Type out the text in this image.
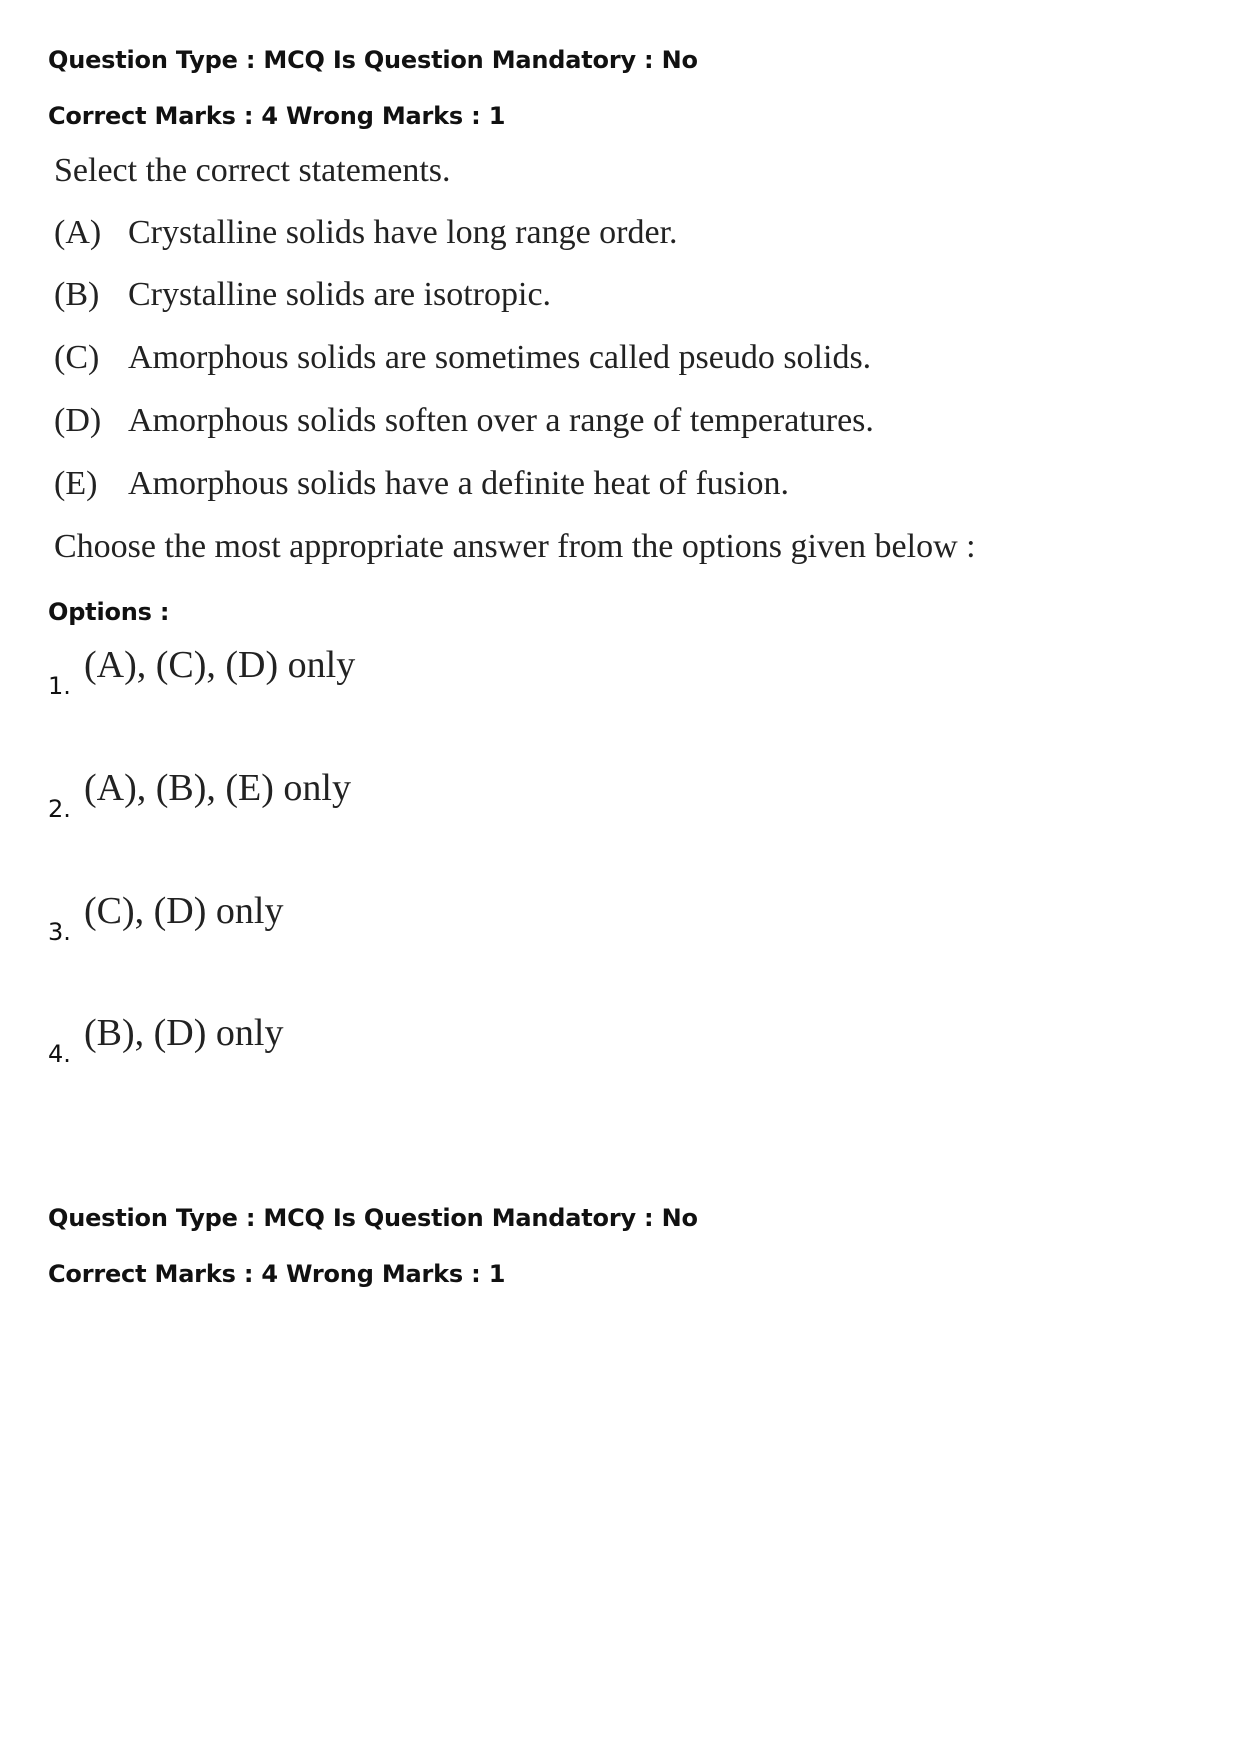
Question Type : MCQ Is Question Mandatory : No
Correct Marks : 4 Wrong Marks : 1
Select the correct statements.
(A) Crystalline solids have long range order.
(B) Crystalline solids are isotropic.
(C) Amorphous solids are sometimes called pseudo solids.
(D) Amorphous solids soften over a range of temperatures.
(E) Amorphous solids have a definite heat of fusion.
Choose the most appropriate answer from the options given below :
Options :
1. (A), (C), (D) only
2. (A), (B), (E) only
3. (C), (D) only
4. (B), (D) only
Question Type : MCQ Is Question Mandatory : No
Correct Marks : 4 Wrong Marks : 1
